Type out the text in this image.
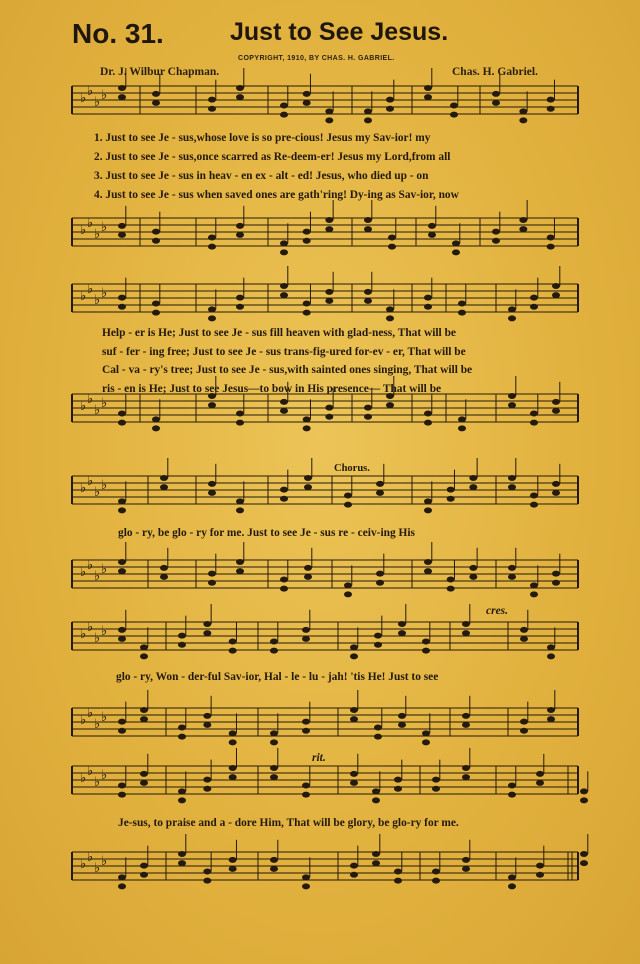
No. 31.	Just to See Jesus.
COPYRIGHT, 1910, BY CHAS. H. GABRIEL.
Dr. J. Wilbur Chapman.	Chas. H. Gabriel.
♭ ♭
♭ ♭
♭ ♭
♭ ♭
♭ ♭
♭ ♭
♭ ♭
♭ ♭
♭ ♭
♭ ♭
♭ ♭
♭ ♭
♭ ♭
♭ ♭
♭ ♭
♭ ♭
♭ ♭
♭ ♭
♭ ♭
♭ ♭
1. Just to see Je - sus,whose love is so pre-cious! Jesus my Sav-ior! my
2. Just to see Je - sus,once scarred as Re-deem-er! Jesus my Lord,from all
3. Just to see Je - sus in heav - en ex - alt - ed! Jesus, who died up - on
4. Just to see Je - sus when saved ones are gath'ring! Dy-ing as Sav-ior, now
Help - er is He; Just to see Je - sus fill heaven with glad-ness, That will be
suf - fer - ing free; Just to see Je - sus trans-fig-ured for-ev - er, That will be
Cal - va - ry's tree; Just to see Je - sus,with sainted ones singing, That will be
ris - en is He; Just to see Jesus—to bow in His presence— That will be
Chorus.
glo - ry, be glo - ry for me. Just to see Je - sus re - ceiv-ing His
glo - ry, Won - der-ful Sav-ior, Hal - le - lu - jah! 'tis He! Just to see
Je-sus, to praise and a - dore Him, That will be glory, be glo-ry for me.
cres.
rit.
